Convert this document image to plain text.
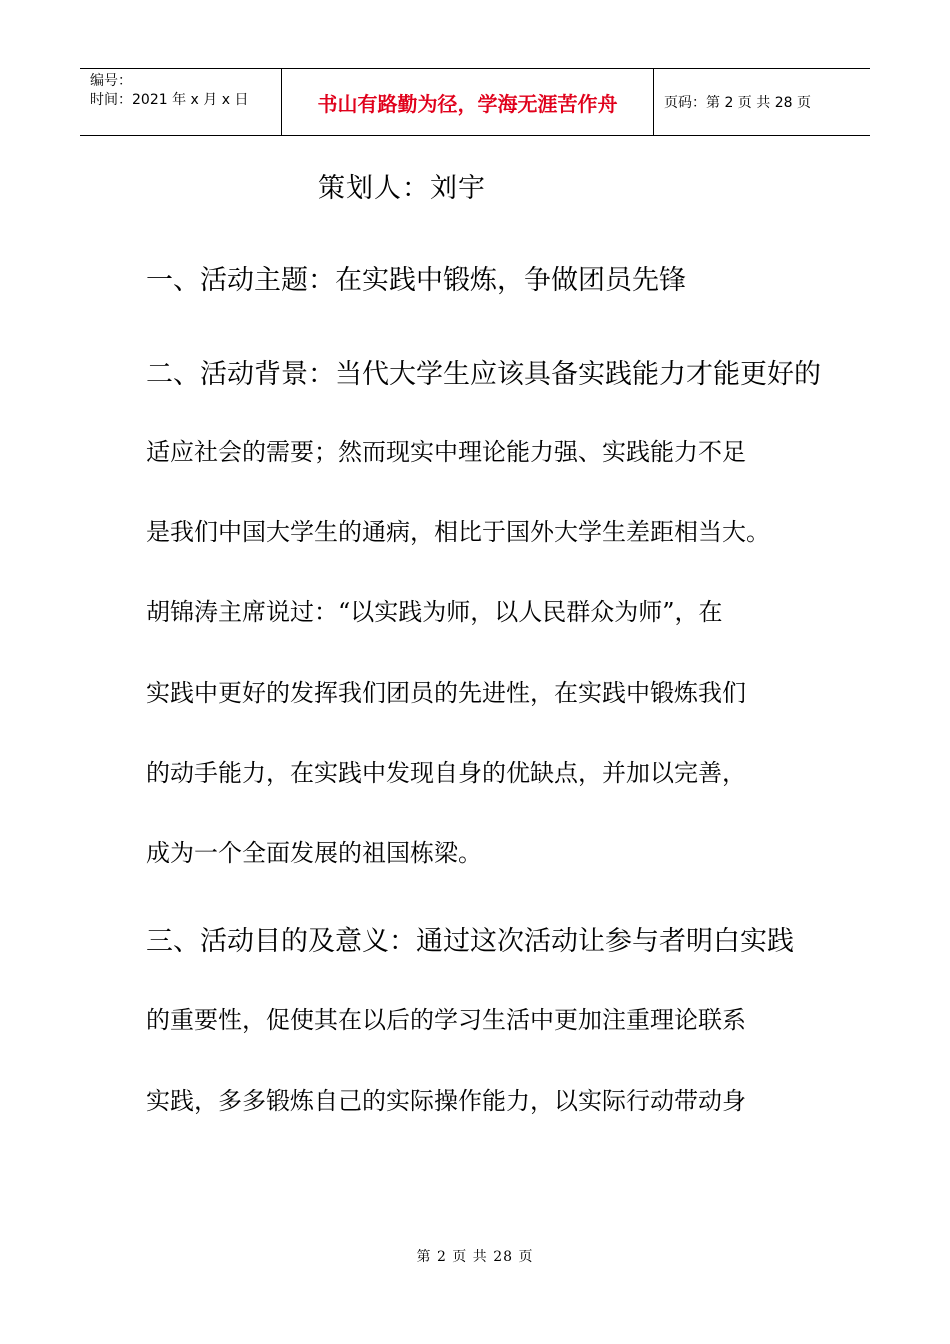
编号：
时间：2021 年 x 月 x 日	书山有路勤为径，学海无涯苦作舟	页码：第 2 页 共 28 页
策划人：刘宇
一、活动主题：在实践中锻炼，争做团员先锋
二、活动背景：当代大学生应该具备实践能力才能更好的
适应社会的需要；然而现实中理论能力强、实践能力不足
是我们中国大学生的通病，相比于国外大学生差距相当大。
胡锦涛主席说过：“以实践为师，以人民群众为师”，在
实践中更好的发挥我们团员的先进性，在实践中锻炼我们
的动手能力，在实践中发现自身的优缺点，并加以完善，
成为一个全面发展的祖国栋梁。
三、活动目的及意义：通过这次活动让参与者明白实践
的重要性，促使其在以后的学习生活中更加注重理论联系
实践，多多锻炼自己的实际操作能力，以实际行动带动身
第 2 页 共 28 页
